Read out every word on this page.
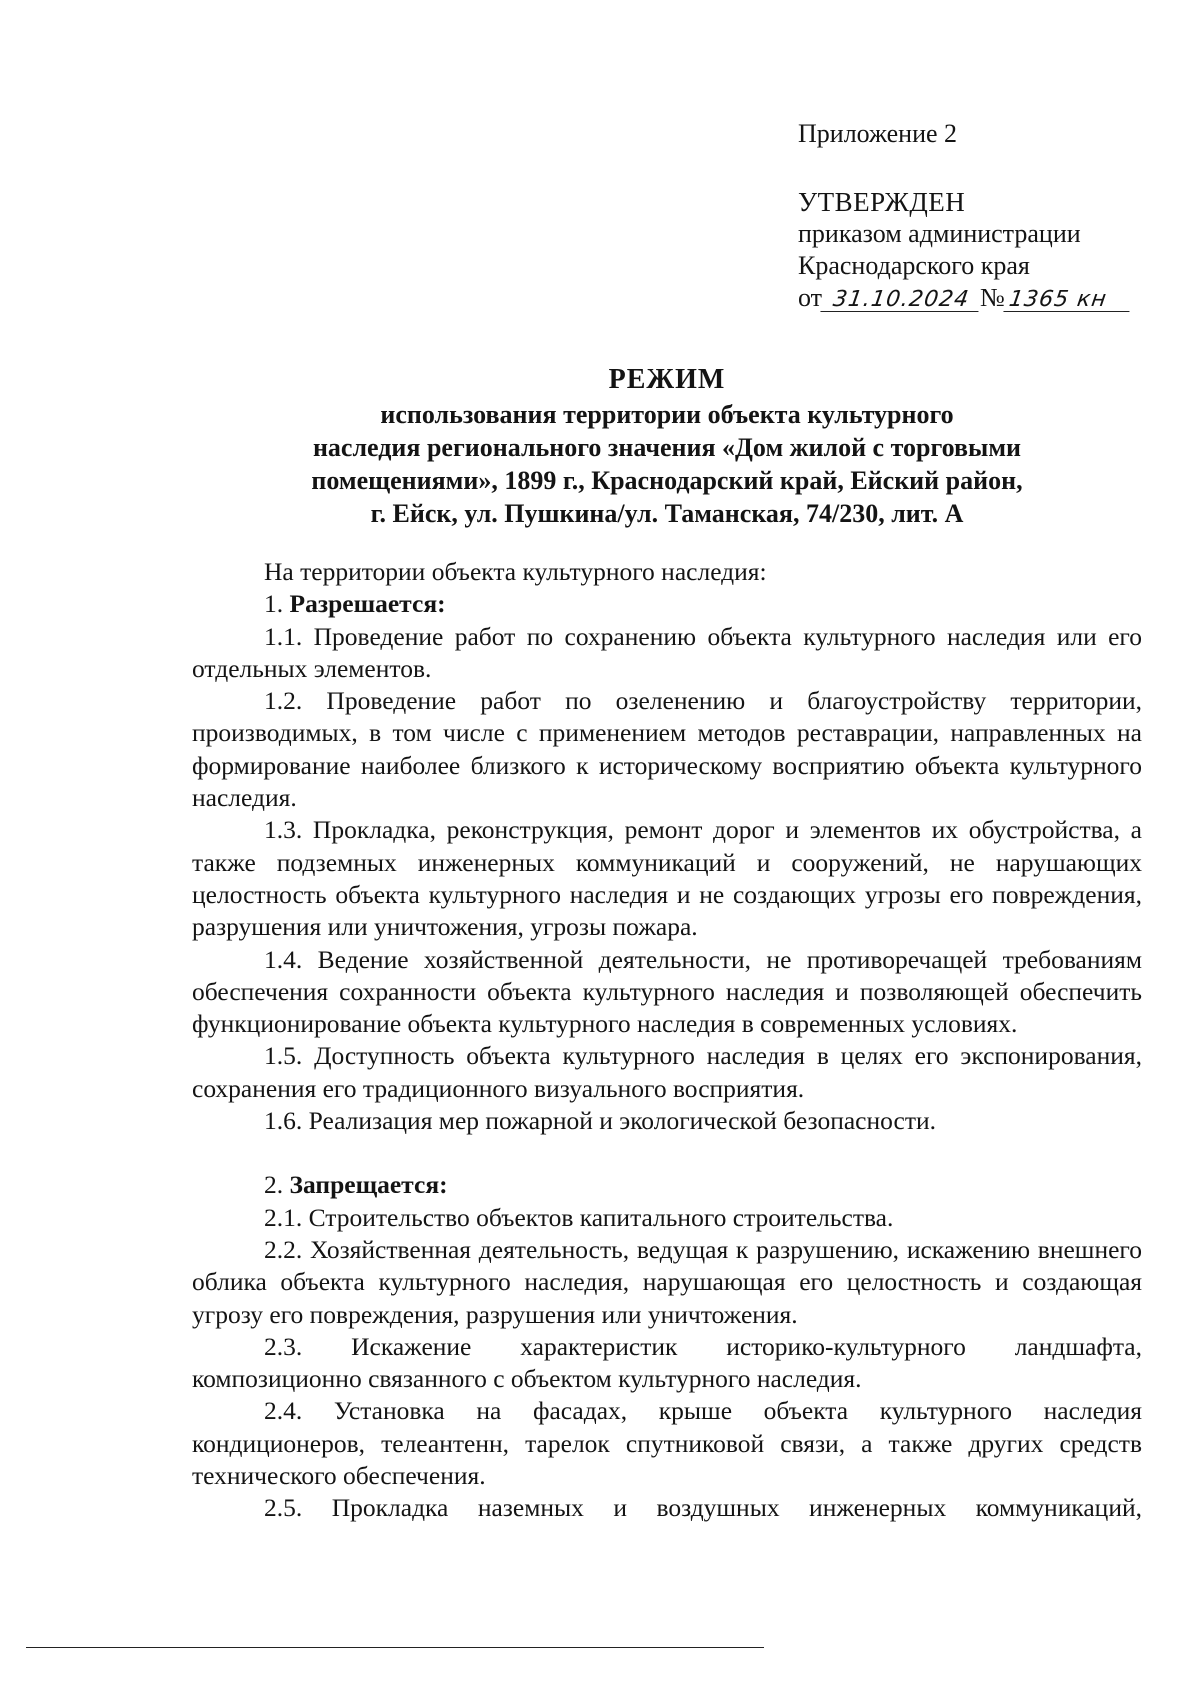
Приложение 2
УТВЕРЖДЕН
приказом администрации
Краснодарского края
от 31.10.2024 № 1365 кн
РЕЖИМ
использования территории объекта культурного
наследия регионального значения «Дом жилой с торговыми
помещениями», 1899 г., Краснодарский край, Ейский район,
г. Ейск, ул. Пушкина/ул. Таманская, 74/230, лит. А

На территории объекта культурного наследия:

1. Разрешается:

1.1. Проведение работ по сохранению объекта культурного наследия или его отдельных элементов.

1.2. Проведение работ по озеленению и благоустройству территории, производимых, в том числе с применением методов реставрации, направленных на формирование наиболее близкого к историческому восприятию объекта культурного наследия.

1.3. Прокладка, реконструкция, ремонт дорог и элементов их обустройства, а также подземных инженерных коммуникаций и сооружений, не нарушающих целостность объекта культурного наследия и не создающих угрозы его повреждения, разрушения или уничтожения, угрозы пожара.

1.4. Ведение хозяйственной деятельности, не противоречащей требованиям обеспечения сохранности объекта культурного наследия и позволяющей обеспечить функционирование объекта культурного наследия в современных условиях.

1.5. Доступность объекта культурного наследия в целях его экспонирования, сохранения его традиционного визуального восприятия.

1.6. Реализация мер пожарной и экологической безопасности.

2. Запрещается:

2.1. Строительство объектов капитального строительства.

2.2. Хозяйственная деятельность, ведущая к разрушению, искажению внешнего облика объекта культурного наследия, нарушающая его целостность и создающая угрозу его повреждения, разрушения или уничтожения.

2.3. Искажение характеристик историко-культурного ландшафта, композиционно связанного с объектом культурного наследия.

2.4. Установка на фасадах, крыше объекта культурного наследия кондиционеров, телеантенн, тарелок спутниковой связи, а также других средств технического обеспечения.

2.5. Прокладка наземных и воздушных инженерных коммуникаций,
